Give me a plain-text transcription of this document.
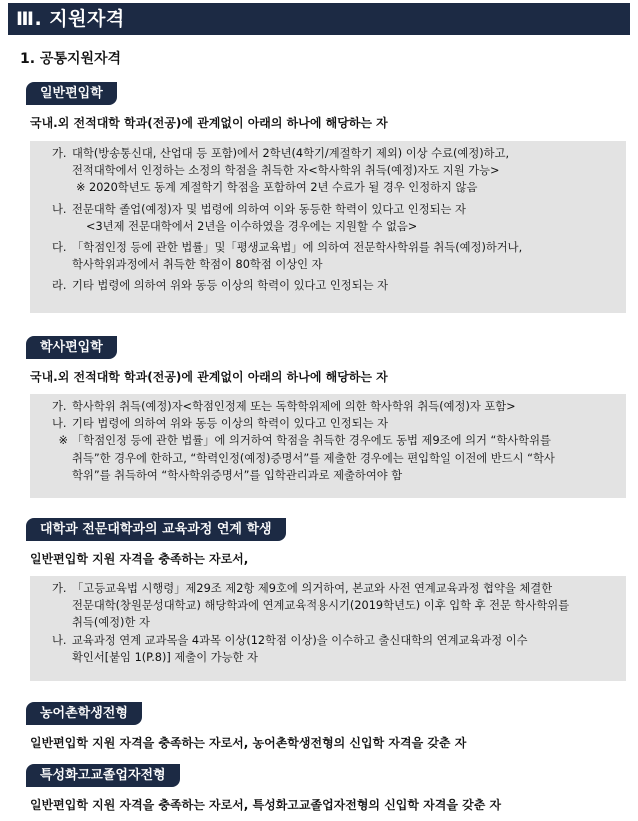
Ⅲ. 지원자격
1. 공통지원자격
일반편입학
국내.외 전적대학 학과(전공)에 관계없이 아래의 하나에 해당하는 자
가. 대학(방송통신대, 산업대 등 포함)에서 2학년(4학기/계절학기 제외) 이상 수료(예정)하고,
전적대학에서 인정하는 소정의 학점을 취득한 자<학사학위 취득(예정)자도 지원 가능>
※ 2020학년도 동계 계절학기 학점을 포함하여 2년 수료가 될 경우 인정하지 않음
나. 전문대학 졸업(예정)자 및 법령에 의하여 이와 동등한 학력이 있다고 인정되는 자
<3년제 전문대학에서 2년을 이수하였을 경우에는 지원할 수 없음>
다. 「학점인정 등에 관한 법률」및「평생교육법」에 의하여 전문학사학위를 취득(예정)하거나,
학사학위과정에서 취득한 학점이 80학점 이상인 자
라. 기타 법령에 의하여 위와 동등 이상의 학력이 있다고 인정되는 자
학사편입학
국내.외 전적대학 학과(전공)에 관계없이 아래의 하나에 해당하는 자
가. 학사학위 취득(예정)자<학점인정제 또는 독학학위제에 의한 학사학위 취득(예정)자 포함>
나. 기타 법령에 의하여 위와 동등 이상의 학력이 있다고 인정되는 자
※ 「학점인정 등에 관한 법률」에 의거하여 학점을 취득한 경우에도 동법 제9조에 의거 “학사학위를
취득”한 경우에 한하고, “학력인정(예정)증명서”를 제출한 경우에는 편입학일 이전에 반드시 “학사
학위”를 취득하여 “학사학위증명서”를 입학관리과로 제출하여야 함
대학과 전문대학과의 교육과정 연계 학생
일반편입학 지원 자격을 충족하는 자로서,
가. 「고등교육법 시행령」제29조 제2항 제9호에 의거하여, 본교와 사전 연계교육과정 협약을 체결한
전문대학(창원문성대학교) 해당학과에 연계교육적용시기(2019학년도) 이후 입학 후 전문 학사학위를
취득(예정)한 자
나. 교육과정 연계 교과목을 4과목 이상(12학점 이상)을 이수하고 출신대학의 연계교육과정 이수
확인서[붙임 1(P.8)] 제출이 가능한 자
농어촌학생전형
일반편입학 지원 자격을 충족하는 자로서, 농어촌학생전형의 신입학 자격을 갖춘 자
특성화고교졸업자전형
일반편입학 지원 자격을 충족하는 자로서, 특성화고교졸업자전형의 신입학 자격을 갖춘 자
